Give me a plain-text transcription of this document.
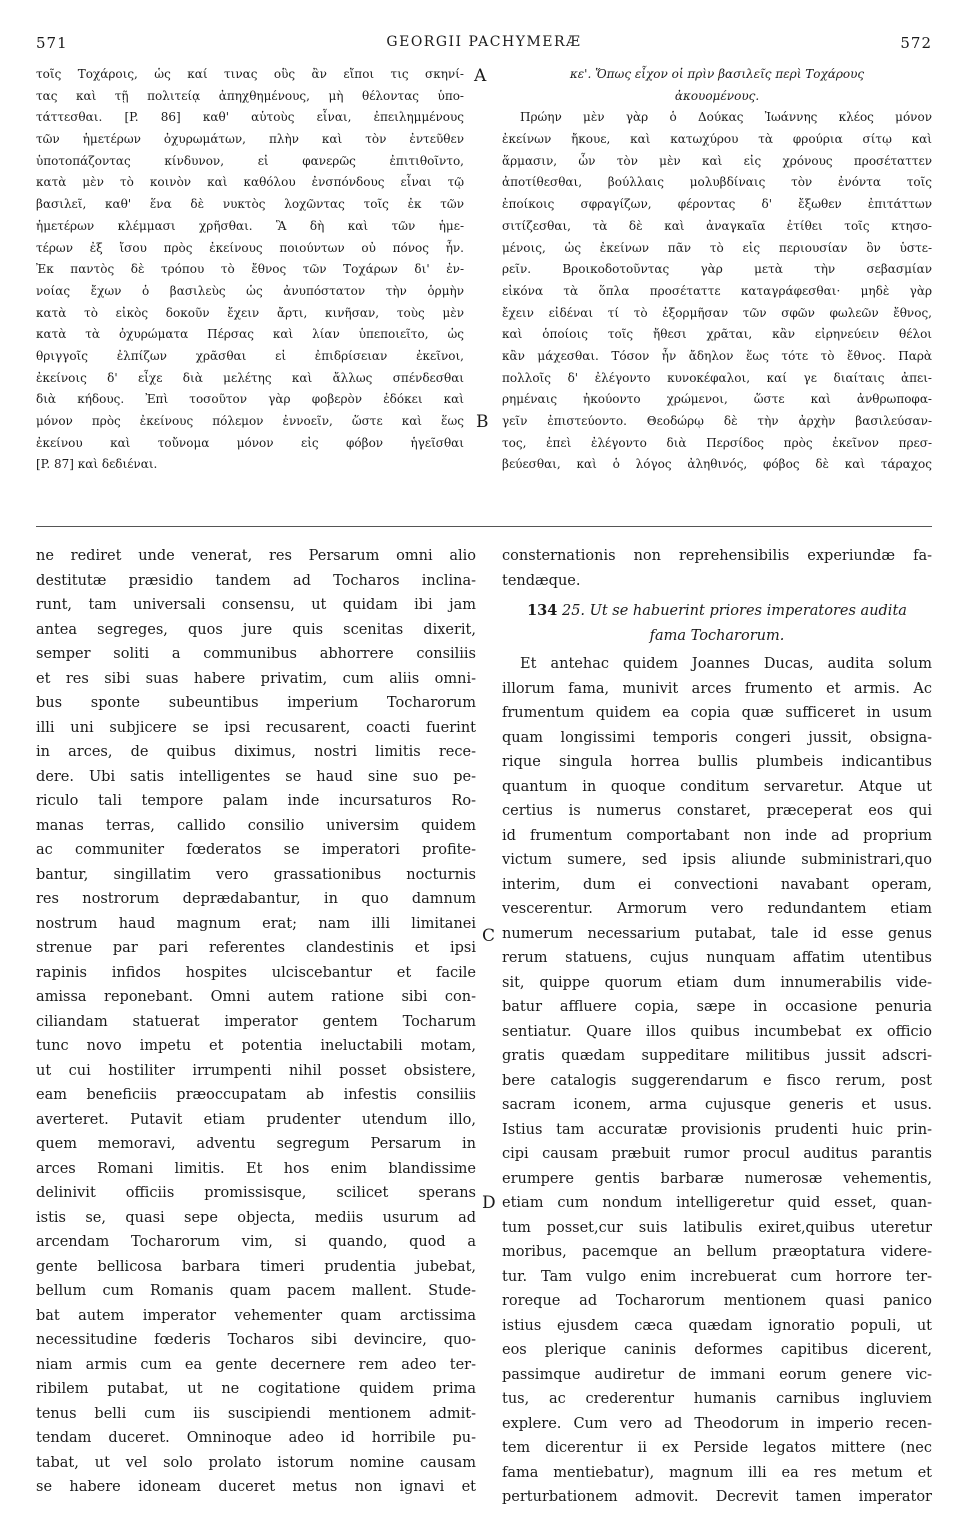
571	GEORGII PACHYMERÆ	572
τοῖς Τοχάροις, ὡς καί τινας οὓς ἂν εἴποι τις σκηνί-
τας καὶ τῇ πολιτείᾳ ἀπηχθημένους, μὴ θέλοντας ὑπο-
τάττεσθαι. [P. 86] καθ' αὑτοὺς εἶναι, ἐπειλημμένους
τῶν ἡμετέρων ὀχυρωμάτων, πλὴν καὶ τὸν ἐντεῦθεν
ὑποτοπάζοντας κίνδυνον, εἰ φανερῶς ἐπιτιθοῖντο,
κατὰ μὲν τὸ κοινὸν καὶ καθόλου ἐνσπόνδους εἶναι τῷ
βασιλεῖ, καθ' ἕνα δὲ νυκτὸς λοχῶντας τοῖς ἐκ τῶν
ἡμετέρων κλέμμασι χρῆσθαι. Ἃ δὴ καὶ τῶν ἡμε-
τέρων ἐξ ἴσου πρὸς ἐκείνους ποιούντων οὐ πόνος ἦν.
Ἐκ παντὸς δὲ τρόπου τὸ ἔθνος τῶν Τοχάρων δι' ἐν-
νοίας ἔχων ὁ βασιλεὺς ὡς ἀνυπόστατον τὴν ὁρμὴν
κατὰ τὸ εἰκὸς δοκοῦν ἔχειν ἄρτι, κινῆσαν, τοὺς μὲν
κατὰ τὰ ὀχυρώματα Πέρσας καὶ λίαν ὑπεποιεῖτο, ὡς
θριγγοῖς ἐλπίζων χρᾶσθαι εἰ ἐπιδρίσειαν ἐκεῖνοι,
ἐκείνοις δ' εἶχε διὰ μελέτης καὶ ἄλλως σπένδεσθαι
διὰ κήδους. Ἐπὶ τοσοῦτον γὰρ φοβερὸν ἐδόκει καὶ
μόνον πρὸς ἐκείνους πόλεμον ἐννοεῖν, ὥστε καὶ ἕως
ἐκείνου καὶ τοὔνομα μόνον εἰς φόβον ἡγεῖσθαι
[P. 87] καὶ δεδιέναι.
κε'. Ὅπως εἶχον οἱ πρὶν βασιλεῖς περὶ Τοχάρους
ἀκουομένους.
Πρώην μὲν γὰρ ὁ Δούκας Ἰωάννης κλέος μόνον
ἐκείνων ἤκουε, καὶ κατωχύρου τὰ φρούρια σίτῳ καὶ
ἅρμασιν, ὧν τὸν μὲν καὶ εἰς χρόνους προσέταττεν
ἀποτίθεσθαι, βούλλαις μολυβδίναις τὸν ἐνόντα τοῖς
ἐποίκοις σφραγίζων, φέροντας δ' ἔξωθεν ἐπιτάττων
σιτίζεσθαι, τὰ δὲ καὶ ἀναγκαῖα ἐτίθει τοῖς κτησο-
μένοις, ὡς ἐκείνων πᾶν τὸ εἰς περιουσίαν ὂν ὑστε-
ρεῖν. Βροικοδοτοῦντας γὰρ μετὰ τὴν σεβασμίαν
εἰκόνα τὰ ὅπλα προσέταττε καταγράφεσθαι· μηδὲ γὰρ
ἔχειν εἰδέναι τί τὸ ἐξορμῆσαν τῶν σφῶν φωλεῶν ἔθνος,
καὶ ὁποίοις τοῖς ἤθεσι χρᾶται, κἂν εἰρηνεύειν θέλοι
κἂν μάχεσθαι. Τόσον ἦν ἄδηλον ἕως τότε τὸ ἔθνος. Παρὰ
πολλοῖς δ' ἐλέγοντο κυνοκέφαλοι, καί γε διαίταις ἀπει-
ρημέναις ἠκούοντο χρώμενοι, ὥστε καὶ ἀνθρωποφα-
γεῖν ἐπιστεύοντο. Θεοδώρῳ δὲ τὴν ἀρχὴν βασιλεύσαν-
τος, ἐπεὶ ἐλέγοντο διὰ Περσίδος πρὸς ἐκεῖνον πρεσ-
βεύεσθαι, καὶ ὁ λόγος ἀληθινός, φόβος δὲ καὶ τάραχος
ne rediret unde venerat, res Persarum omni alio
destitutæ præsidio tandem ad Tocharos inclina-
runt, tam universali consensu, ut quidam ibi jam
antea segreges, quos jure quis scenitas dixerit,
semper soliti a communibus abhorrere consiliis
et res sibi suas habere privatim, cum aliis omni-
bus sponte subeuntibus imperium Tocharorum
illi uni subjicere se ipsi recusarent, coacti fuerint
in arces, de quibus diximus, nostri limitis rece-
dere. Ubi satis intelligentes se haud sine suo pe-
riculo tali tempore palam inde incursaturos Ro-
manas terras, callido consilio universim quidem
ac communiter fœderatos se imperatori profite-
bantur, singillatim vero grassationibus nocturnis
res nostrorum deprædabantur, in quo damnum
nostrum haud magnum erat; nam illi limitanei
strenue par pari referentes clandestinis et ipsi
rapinis infidos hospites ulciscebantur et facile
amissa reponebant. Omni autem ratione sibi con-
ciliandam statuerat imperator gentem Tocharum
tunc novo impetu et potentia ineluctabili motam,
ut cui hostiliter irrumpenti nihil posset obsistere,
eam beneficiis præoccupatam ab infestis consiliis
averteret. Putavit etiam prudenter utendum illo,
quem memoravi, adventu segregum Persarum in
arces Romani limitis. Et hos enim blandissime
delinivit officiis promissisque, scilicet sperans
istis se, quasi sepe objecta, mediis usurum ad
arcendam Tocharorum vim, si quando, quod a
gente bellicosa barbara timeri prudentia jubebat,
bellum cum Romanis quam pacem mallent. Stude-
bat autem imperator vehementer quam arctissima
necessitudine fœderis Tocharos sibi devincire, quo-
niam armis cum ea gente decernere rem adeo ter-
ribilem putabat, ut ne cogitatione quidem prima
tenus belli cum iis suscipiendi mentionem admit-
tendam duceret. Omninoque adeo id horribile pu-
tabat, ut vel solo prolato istorum nomine causam
se habere idoneam duceret metus non ignavi et
consternationis non reprehensibilis experiundæ fa-
tendæque.
134 25. Ut se habuerint priores imperatores audita
fama Tocharorum.
Et antehac quidem Joannes Ducas, audita solum
illorum fama, munivit arces frumento et armis. Ac
frumentum quidem ea copia quæ sufficeret in usum
quam longissimi temporis congeri jussit, obsigna-
rique singula horrea bullis plumbeis indicantibus
quantum in quoque conditum servaretur. Atque ut
certius is numerus constaret, præceperat eos qui
id frumentum comportabant non inde ad proprium
victum sumere, sed ipsis aliunde subministrari,quo
interim, dum ei convectioni navabant operam,
vescerentur. Armorum vero redundantem etiam
numerum necessarium putabat, tale id esse genus
rerum statuens, cujus nunquam affatim utentibus
sit, quippe quorum etiam dum innumerabilis vide-
batur affluere copia, sæpe in occasione penuria
sentiatur. Quare illos quibus incumbebat ex officio
gratis quædam suppeditare militibus jussit adscri-
bere catalogis suggerendarum e fisco rerum, post
sacram iconem, arma cujusque generis et usus.
Istius tam accuratæ provisionis prudenti huic prin-
cipi causam præbuit rumor procul auditus parantis
erumpere gentis barbaræ numerosæ vehementis,
etiam cum nondum intelligeretur quid esset, quan-
tum posset,cur suis latibulis exiret,quibus uteretur
moribus, pacemque an bellum præoptatura videre-
tur. Tam vulgo enim increbuerat cum horrore ter-
roreque ad Tocharorum mentionem quasi panico
istius ejusdem cæca quædam ignoratio populi, ut
eos plerique caninis deformes capitibus dicerent,
passimque audiretur de immani eorum genere vic-
tus, ac crederentur humanis carnibus ingluviem
explere. Cum vero ad Theodorum in imperio recen-
tem dicerentur ii ex Perside legatos mittere (nec
fama mentiebatur), magnum illi ea res metum et
perturbationem admovit. Decrevit tamen imperator
A
B
C
D
